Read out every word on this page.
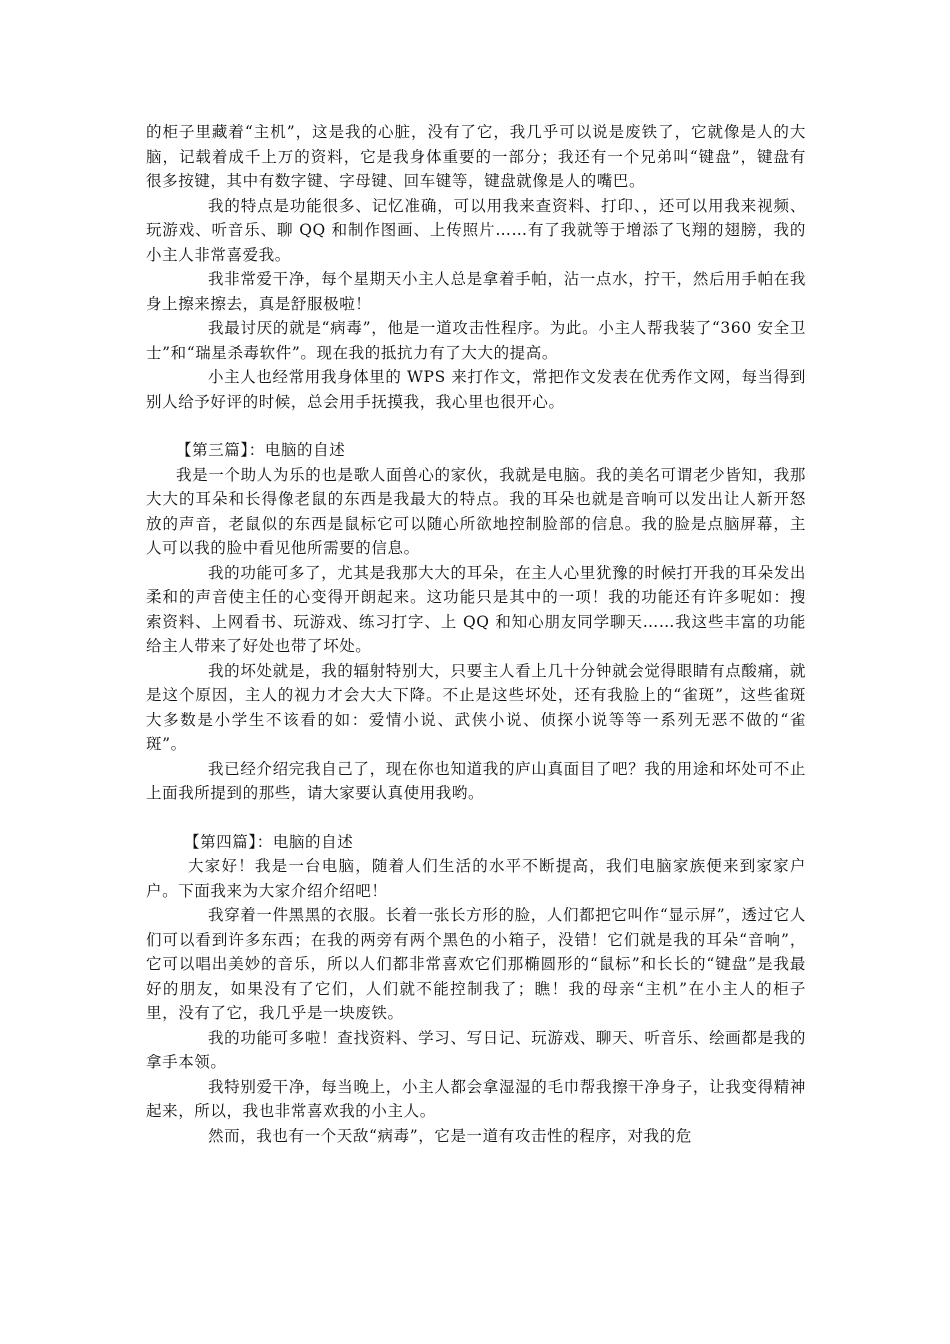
的柜子里藏着“主机”，这是我的心脏，没有了它，我几乎可以说是废铁了，它就像是人的大脑，记载着成千上万的资料，它是我身体重要的一部分；我还有一个兄弟叫“键盘”，键盘有很多按键，其中有数字键、字母键、回车键等，键盘就像是人的嘴巴。

我的特点是功能很多、记忆准确，可以用我来查资料、打印、，还可以用我来视频、玩游戏、听音乐、聊 QQ 和制作图画、上传照片……有了我就等于增添了飞翔的翅膀，我的小主人非常喜爱我。

我非常爱干净，每个星期天小主人总是拿着手帕，沾一点水，拧干，然后用手帕在我身上擦来擦去，真是舒服极啦！

我最讨厌的就是“病毒”，他是一道攻击性程序。为此。小主人帮我装了“360 安全卫士”和“瑞星杀毒软件”。现在我的抵抗力有了大大的提高。

小主人也经常用我身体里的 WPS 来打作文，常把作文发表在优秀作文网，每当得到别人给予好评的时候，总会用手抚摸我，我心里也很开心。

【第三篇】：电脑的自述

我是一个助人为乐的也是歌人面兽心的家伙，我就是电脑。我的美名可谓老少皆知，我那大大的耳朵和长得像老鼠的东西是我最大的特点。我的耳朵也就是音响可以发出让人新开怒放的声音，老鼠似的东西是鼠标它可以随心所欲地控制脸部的信息。我的脸是点脑屏幕，主人可以我的脸中看见他所需要的信息。

我的功能可多了，尤其是我那大大的耳朵，在主人心里犹豫的时候打开我的耳朵发出柔和的声音使主任的心变得开朗起来。这功能只是其中的一项！我的功能还有许多呢如：搜索资料、上网看书、玩游戏、练习打字、上 QQ 和知心朋友同学聊天……我这些丰富的功能给主人带来了好处也带了坏处。

我的坏处就是，我的辐射特别大，只要主人看上几十分钟就会觉得眼睛有点酸痛，就是这个原因，主人的视力才会大大下降。不止是这些坏处，还有我脸上的“雀斑”，这些雀斑大多数是小学生不该看的如：爱情小说、武侠小说、侦探小说等等一系列无恶不做的“雀斑”。

我已经介绍完我自己了，现在你也知道我的庐山真面目了吧？我的用途和坏处可不止上面我所提到的那些，请大家要认真使用我哟。

【第四篇】：电脑的自述

大家好！我是一台电脑，随着人们生活的水平不断提高，我们电脑家族便来到家家户户。下面我来为大家介绍介绍吧！

我穿着一件黑黑的衣服。长着一张长方形的脸，人们都把它叫作“显示屏”，透过它人们可以看到许多东西；在我的两旁有两个黑色的小箱子，没错！它们就是我的耳朵“音响”，它可以唱出美妙的音乐，所以人们都非常喜欢它们那椭圆形的“鼠标”和长长的“键盘”是我最好的朋友，如果没有了它们，人们就不能控制我了；瞧！我的母亲“主机”在小主人的柜子里，没有了它，我几乎是一块废铁。

我的功能可多啦！查找资料、学习、写日记、玩游戏、聊天、听音乐、绘画都是我的拿手本领。

我特别爱干净，每当晚上，小主人都会拿湿湿的毛巾帮我擦干净身子，让我变得精神起来，所以，我也非常喜欢我的小主人。

然而，我也有一个天敌“病毒”，它是一道有攻击性的程序，对我的危
